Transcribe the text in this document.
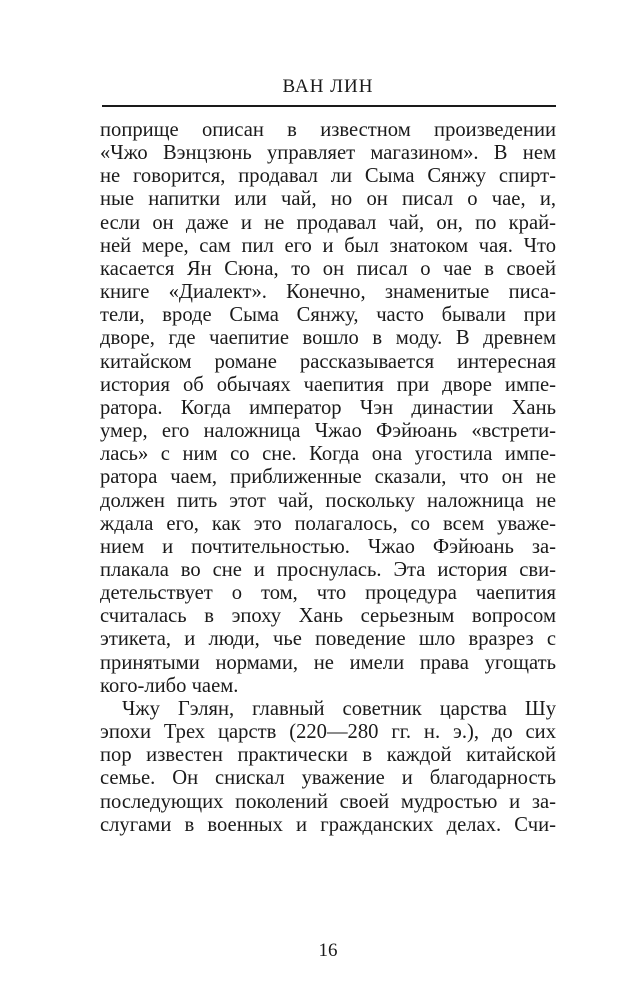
ВАН ЛИН
поприще описан в известном произведении
«Чжо Вэнцзюнь управляет магазином». В нем
не говорится, продавал ли Сыма Сянжу спирт-
ные напитки или чай, но он писал о чае, и,
если он даже и не продавал чай, он, по край-
ней мере, сам пил его и был знатоком чая. Что
касается Ян Сюна, то он писал о чае в своей
книге «Диалект». Конечно, знаменитые писа-
тели, вроде Сыма Сянжу, часто бывали при
дворе, где чаепитие вошло в моду. В древнем
китайском романе рассказывается интересная
история об обычаях чаепития при дворе импе-
ратора. Когда император Чэн династии Хань
умер, его наложница Чжао Фэйюань «встрети-
лась» с ним со сне. Когда она угостила импе-
ратора чаем, приближенные сказали, что он не
должен пить этот чай, поскольку наложница не
ждала его, как это полагалось, со всем уваже-
нием и почтительностью. Чжао Фэйюань за-
плакала во сне и проснулась. Эта история сви-
детельствует о том, что процедура чаепития
считалась в эпоху Хань серьезным вопросом
этикета, и люди, чье поведение шло вразрез с
принятыми нормами, не имели права угощать
кого-либо чаем.
Чжу Гэлян, главный советник царства Шу
эпохи Трех царств (220—280 гг. н. э.), до сих
пор известен практически в каждой китайской
семье. Он снискал уважение и благодарность
последующих поколений своей мудростью и за-
слугами в военных и гражданских делах. Счи-
16
